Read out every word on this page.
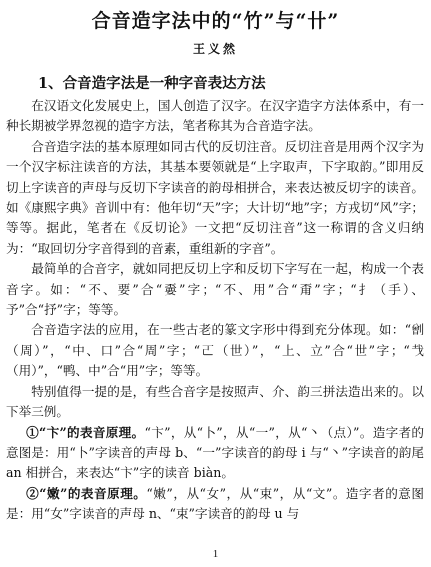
合音造字法中的“竹”与“卄”
王义然
1、合音造字法是一种字音表达方法

在汉语文化发展史上，国人创造了汉字。在汉字造字方法体系中，有一种长期被学界忽视的造字方法，笔者称其为合音造字法。

合音造字法的基本原理如同古代的反切注音。反切注音是用两个汉字为一个汉字标注读音的方法，其基本要领就是“上字取声，下字取韵。”即用反切上字读音的声母与反切下字读音的韵母相拼合，来表达被反切字的读音。如《康熙字典》音训中有：他年切“天”字；大计切“地”字；方戎切“风”字；等等。据此，笔者在《反切论》一文把“反切注音”这一称谓的含义归纳为：“取回切分字音得到的音素，重组新的字音”。

最简单的合音字，就如同把反切上字和反切下字写在一起，构成一个表音字。如：“不、要”合“嫑”字；“不、用”合“甭”字；“扌（手）、予”合“抒”字；等等。

合音造字法的应用，在一些古老的篆文字形中得到充分体现。如：“𠟂（周）”，“中、口”合“周”字；“𠀀（世）”，“上、立”合“世”字；“𢦏（用）”，“鸭、中”合“用”字；等等。

特别值得一提的是，有些合音字是按照声、介、韵三拼法造出来的。以下举三例。

①“卞”的表音原理。“卞”，从“卜”，从“一”，从“丶（点）”。造字者的意图是：用“卜”字读音的声母 b、“一”字读音的韵母 i 与“丶”字读音的韵尾 an 相拼合，来表达“卞”字的读音 biàn。

②“嫩”的表音原理。“嫩”，从“女”，从“束”，从“文”。造字者的意图是：用“女”字读音的声母 n、“束”字读音的韵母 u 与

1
